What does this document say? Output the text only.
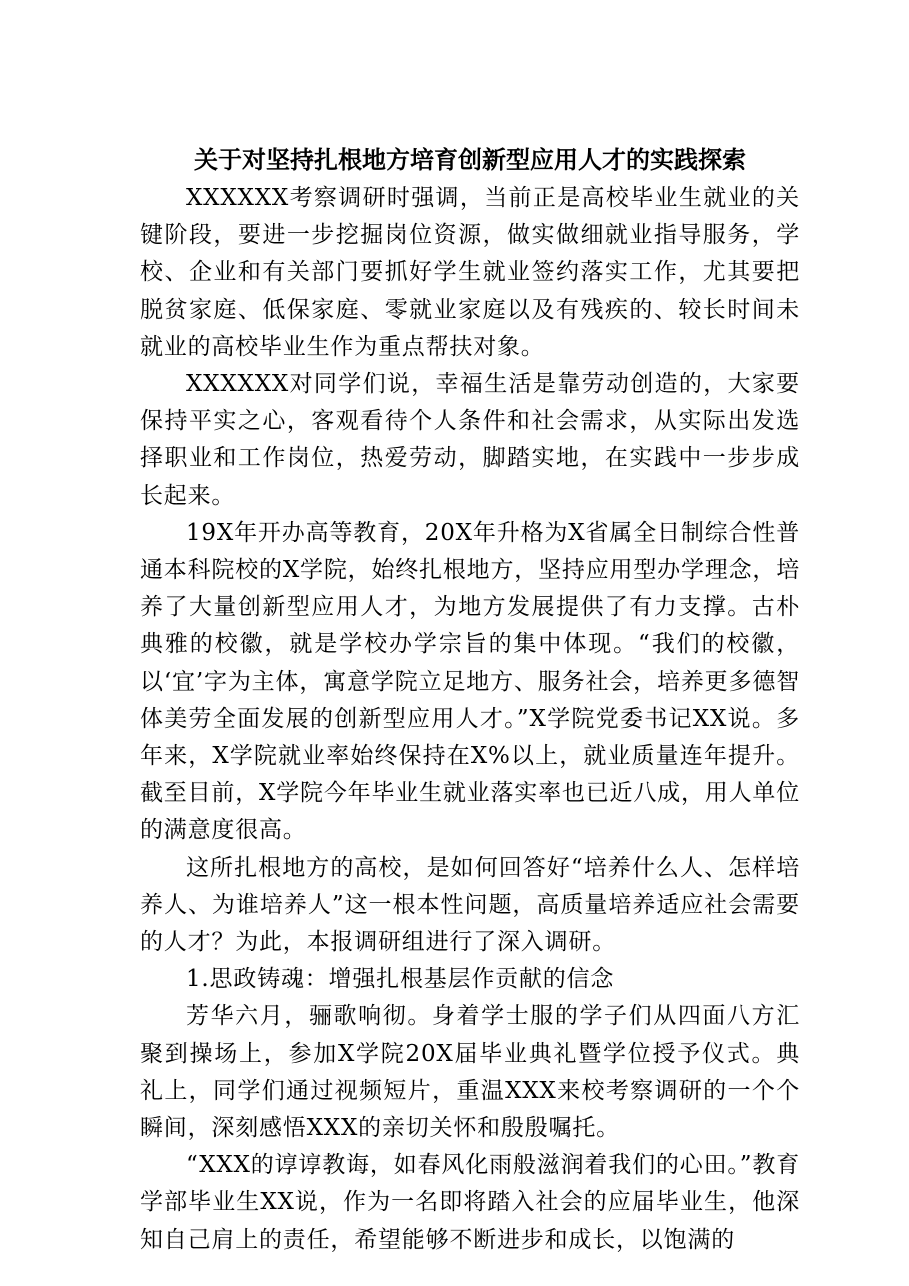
关于对坚持扎根地方培育创新型应用人才的实践探索

XXXXXX考察调研时强调，当前正是高校毕业生就业的关键阶段，要进一步挖掘岗位资源，做实做细就业指导服务，学校、企业和有关部门要抓好学生就业签约落实工作，尤其要把脱贫家庭、低保家庭、零就业家庭以及有残疾的、较长时间未就业的高校毕业生作为重点帮扶对象。

XXXXXX对同学们说，幸福生活是靠劳动创造的，大家要保持平实之心，客观看待个人条件和社会需求，从实际出发选择职业和工作岗位，热爱劳动，脚踏实地，在实践中一步步成长起来。

19X年开办高等教育，20X年升格为X省属全日制综合性普通本科院校的X学院，始终扎根地方，坚持应用型办学理念，培养了大量创新型应用人才，为地方发展提供了有力支撑。古朴典雅的校徽，就是学校办学宗旨的集中体现。“我们的校徽，以‘宜’字为主体，寓意学院立足地方、服务社会，培养更多德智体美劳全面发展的创新型应用人才。”X学院党委书记XX说。多年来，X学院就业率始终保持在X%以上，就业质量连年提升。截至目前，X学院今年毕业生就业落实率也已近八成，用人单位的满意度很高。

这所扎根地方的高校，是如何回答好“培养什么人、怎样培养人、为谁培养人”这一根本性问题，高质量培养适应社会需要的人才？为此，本报调研组进行了深入调研。

1.思政铸魂：增强扎根基层作贡献的信念

芳华六月，骊歌响彻。身着学士服的学子们从四面八方汇聚到操场上，参加X学院20X届毕业典礼暨学位授予仪式。典礼上，同学们通过视频短片，重温XXX来校考察调研的一个个瞬间，深刻感悟XXX的亲切关怀和殷殷嘱托。

“XXX的谆谆教诲，如春风化雨般滋润着我们的心田。”教育学部毕业生XX说，作为一名即将踏入社会的应届毕业生，他深知自己肩上的责任，希望能够不断进步和成长，以饱满的
